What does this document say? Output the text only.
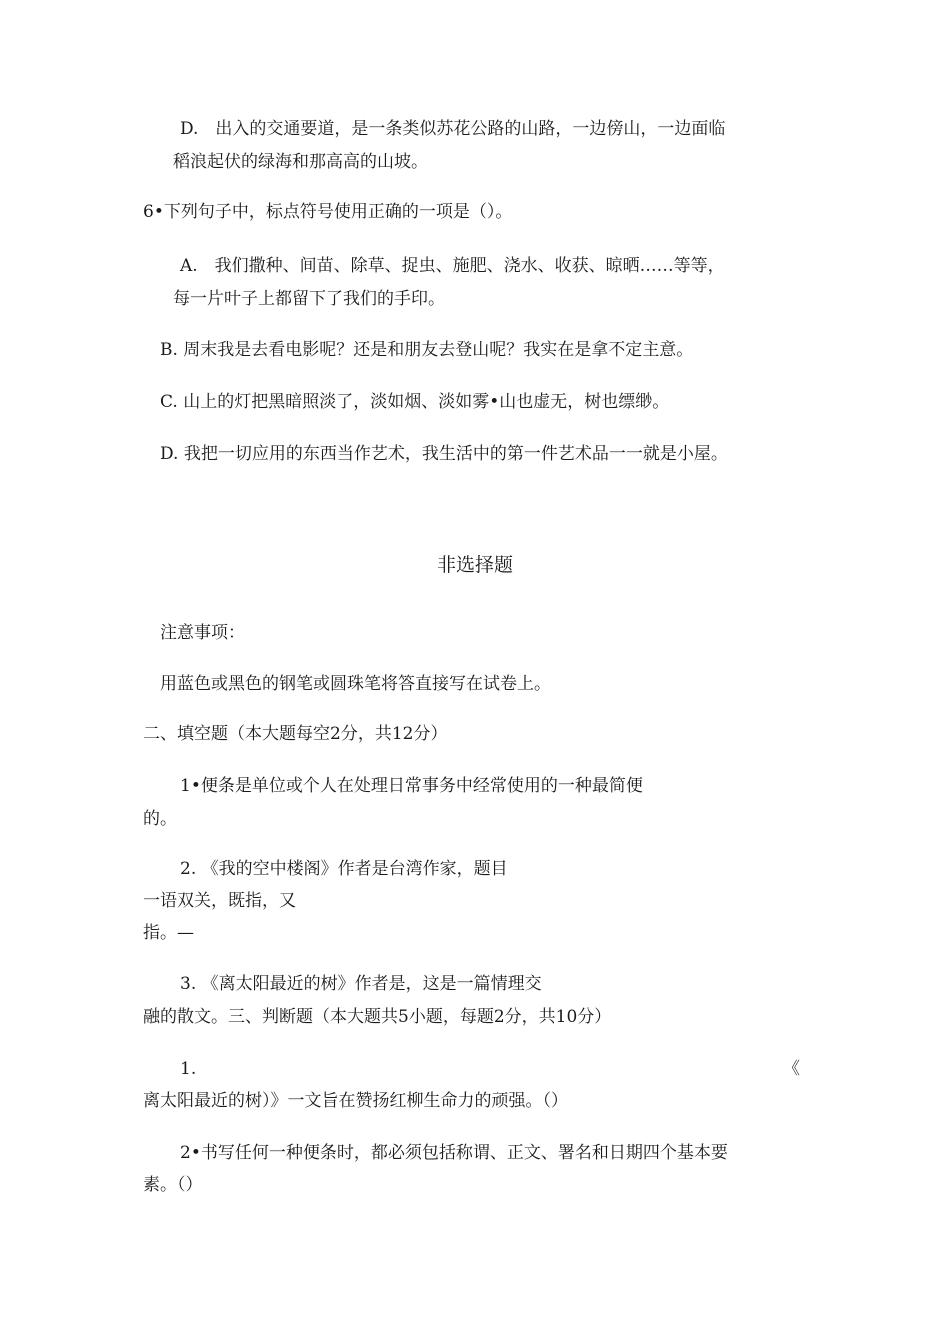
D.　出入的交通要道，是一条类似苏花公路的山路，一边傍山，一边面临
稻浪起伏的绿海和那高高的山坡。
6•下列句子中，标点符号使用正确的一项是（）。
A.　我们撒种、间苗、除草、捉虫、施肥、浇水、收获、晾晒……等等，
每一片叶子上都留下了我们的手印。
B. 周末我是去看电影呢？还是和朋友去登山呢？我实在是拿不定主意。
C. 山上的灯把黑暗照淡了，淡如烟、淡如雾•山也虚无，树也缥缈。
D. 我把一切应用的东西当作艺术，我生活中的第一件艺术品一一就是小屋。
非选择题
注意事项：
用蓝色或黑色的钢笔或圆珠笔将答直接写在试卷上。
二、填空题（本大题每空2分，共12分）
1•便条是单位或个人在处理日常事务中经常使用的一种最简便
的。
2. 《我的空中楼阁》作者是台湾作家，题目
一语双关，既指，又
指。—
3. 《离太阳最近的树》作者是，这是一篇情理交
融的散文。三、判断题（本大题共5小题，每题2分，共10分）
1.	《
离太阳最近的树）》一文旨在赞扬红柳生命力的顽强。（）
2•书写任何一种便条时，都必须包括称谓、正文、署名和日期四个基本要
素。（）
